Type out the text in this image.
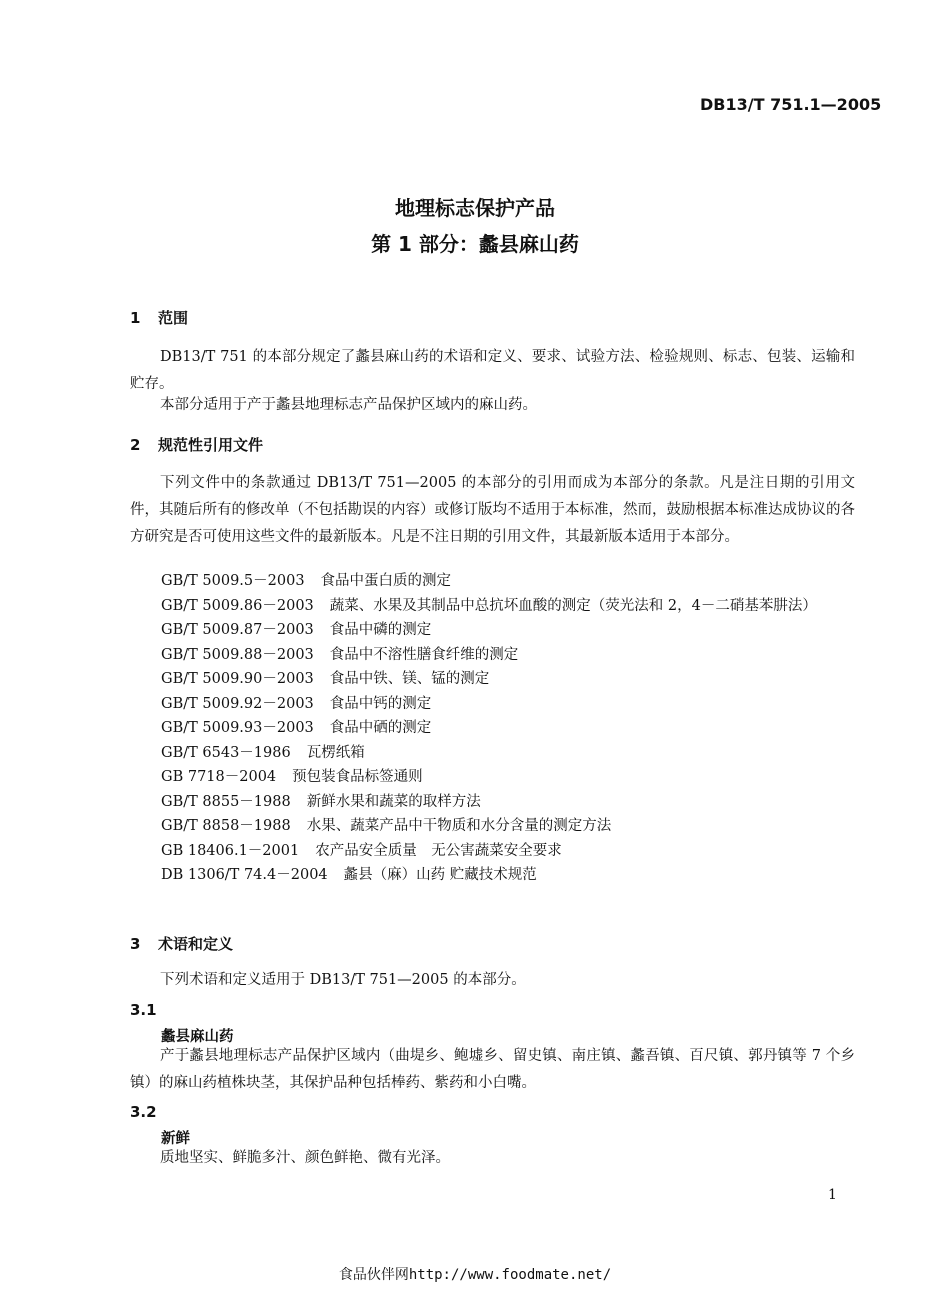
DB13/T 751.1—2005
地理标志保护产品
第 1 部分：蠡县麻山药
1 范围
DB13/T 751 的本部分规定了蠡县麻山药的术语和定义、要求、试验方法、检验规则、标志、包装、运输和贮存。
本部分适用于产于蠡县地理标志产品保护区域内的麻山药。
2 规范性引用文件
下列文件中的条款通过 DB13/T 751—2005 的本部分的引用而成为本部分的条款。凡是注日期的引用文件，其随后所有的修改单（不包括勘误的内容）或修订版均不适用于本标准，然而，鼓励根据本标准达成协议的各方研究是否可使用这些文件的最新版本。凡是不注日期的引用文件，其最新版本适用于本部分。
GB/T 5009.5－2003 食品中蛋白质的测定
GB/T 5009.86－2003 蔬菜、水果及其制品中总抗坏血酸的测定（荧光法和 2，4－二硝基苯肼法）
GB/T 5009.87－2003 食品中磷的测定
GB/T 5009.88－2003 食品中不溶性膳食纤维的测定
GB/T 5009.90－2003 食品中铁、镁、锰的测定
GB/T 5009.92－2003 食品中钙的测定
GB/T 5009.93－2003 食品中硒的测定
GB/T 6543－1986 瓦楞纸箱
GB 7718－2004 预包装食品标签通则
GB/T 8855－1988 新鲜水果和蔬菜的取样方法
GB/T 8858－1988 水果、蔬菜产品中干物质和水分含量的测定方法
GB 18406.1－2001 农产品安全质量　无公害蔬菜安全要求
DB 1306/T 74.4－2004 蠡县（麻）山药 贮藏技术规范
3 术语和定义
下列术语和定义适用于 DB13/T 751—2005 的本部分。
3.1
蠡县麻山药
产于蠡县地理标志产品保护区域内（曲堤乡、鲍墟乡、留史镇、南庄镇、蠡吾镇、百尺镇、郭丹镇等 7 个乡镇）的麻山药植株块茎，其保护品种包括棒药、紫药和小白嘴。
3.2
新鲜
质地坚实、鲜脆多汁、颜色鲜艳、微有光泽。
1
食品伙伴网http://www.foodmate.net/
